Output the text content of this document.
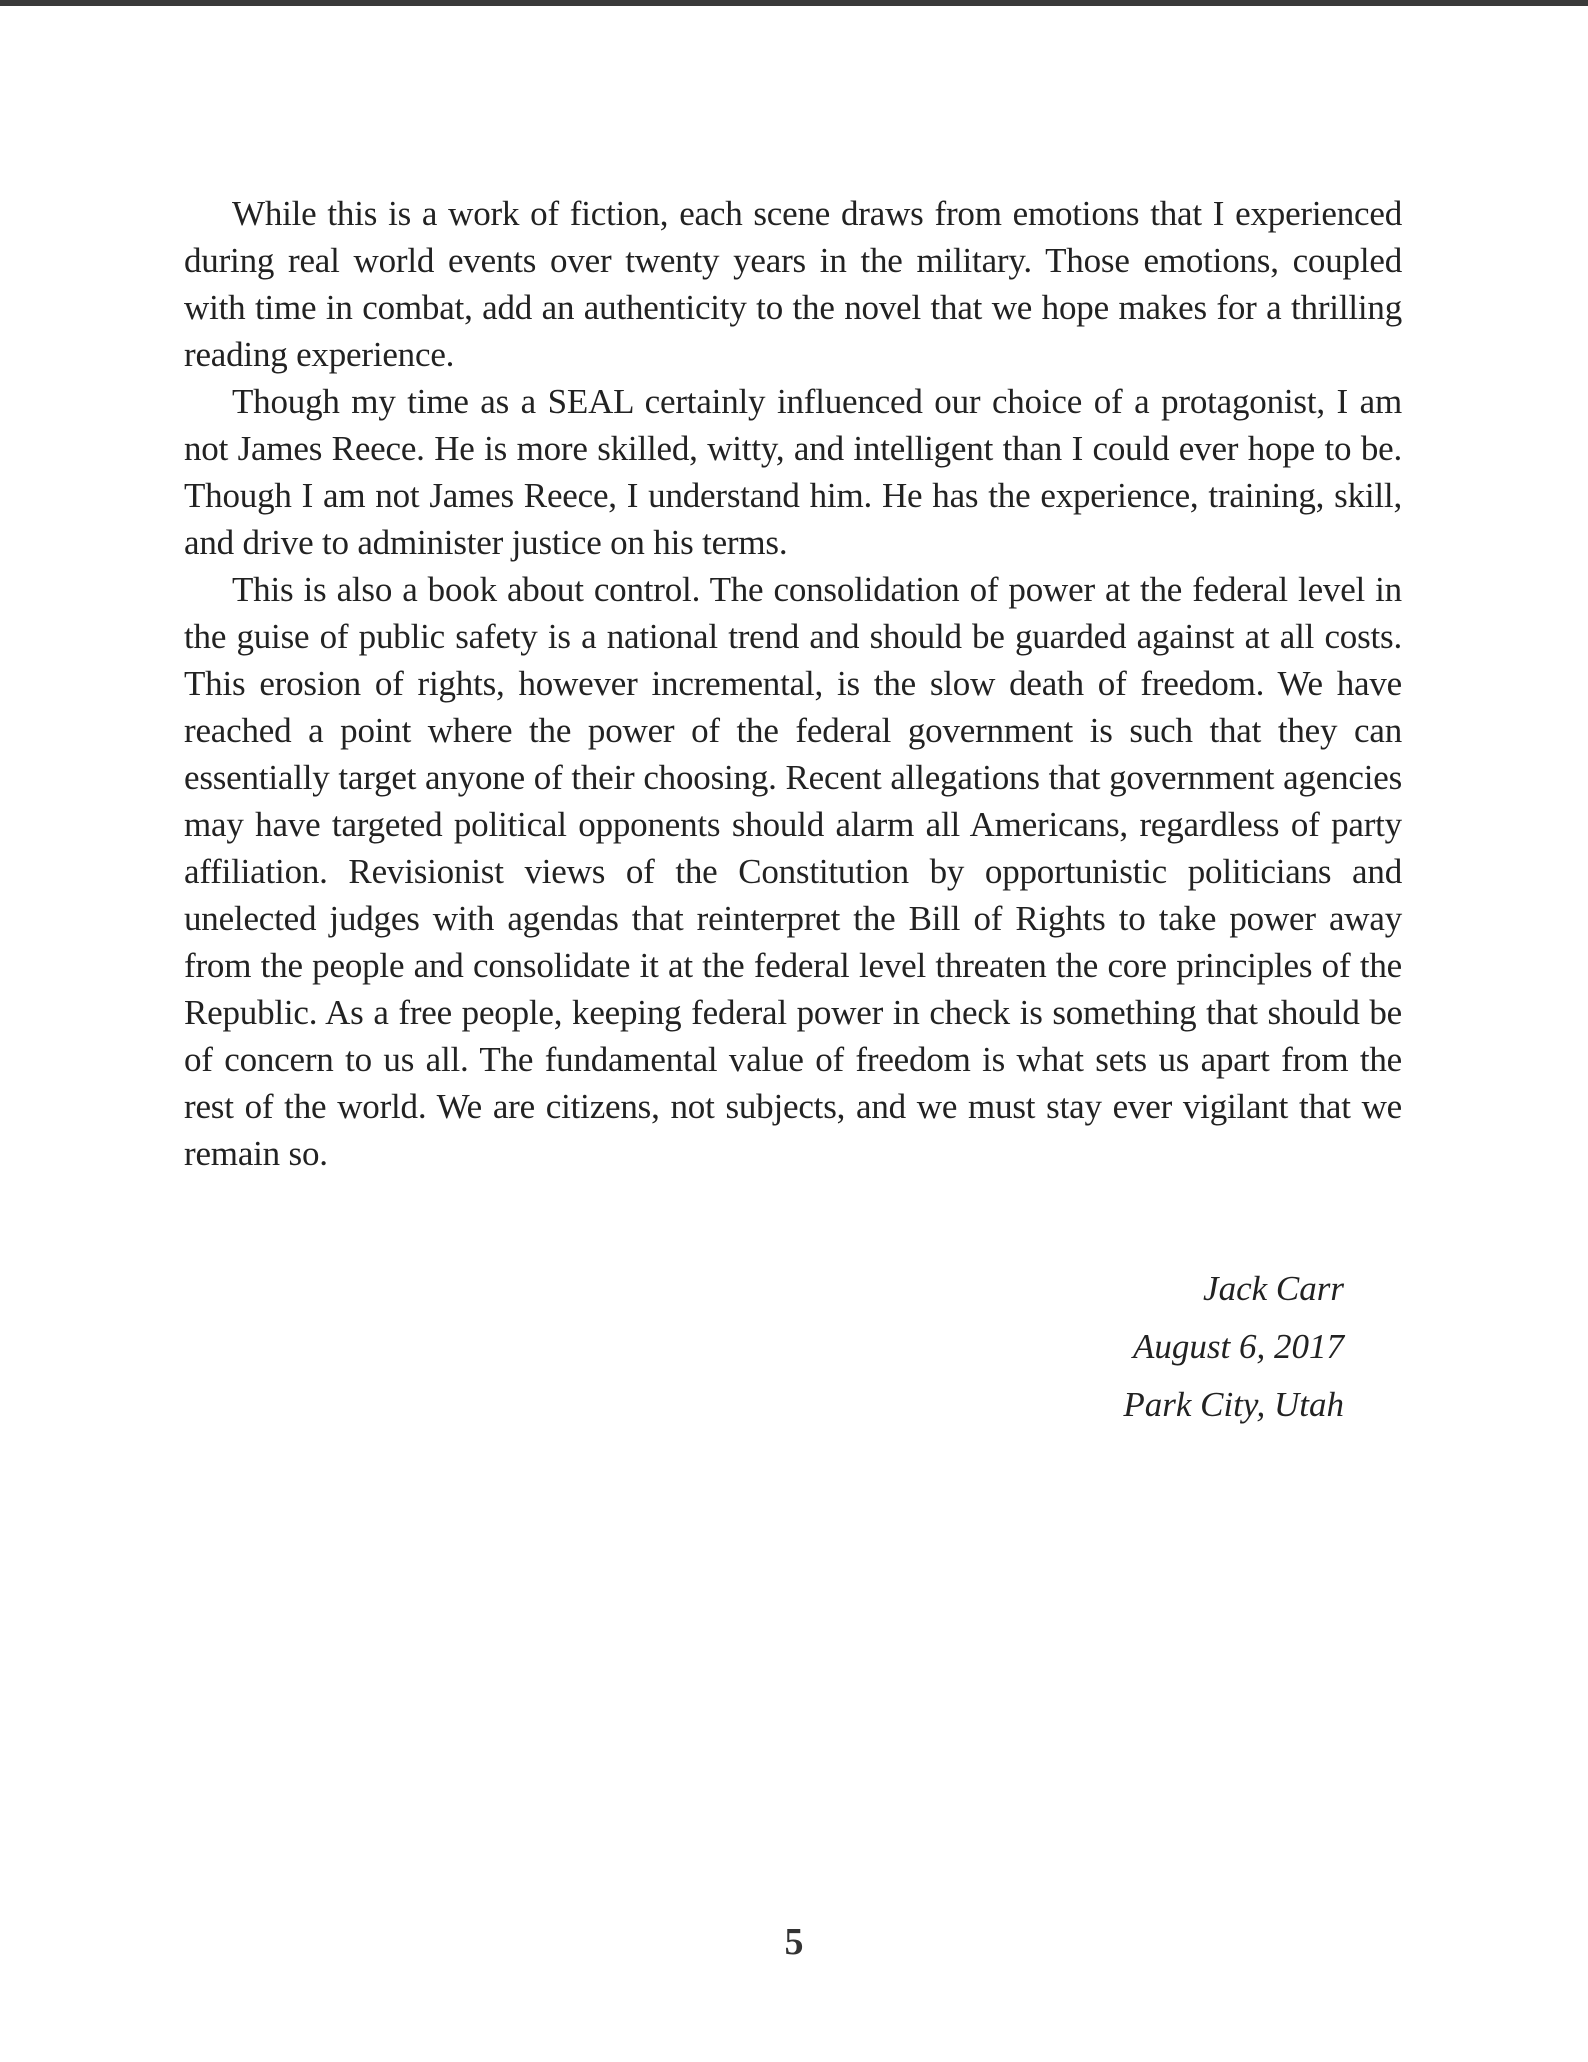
While this is a work of fiction, each scene draws from emotions that I experienced during real world events over twenty years in the military. Those emotions, coupled with time in combat, add an authenticity to the novel that we hope makes for a thrilling reading experience.

Though my time as a SEAL certainly influenced our choice of a protagonist, I am not James Reece. He is more skilled, witty, and intelligent than I could ever hope to be. Though I am not James Reece, I understand him. He has the experience, training, skill, and drive to administer justice on his terms.

This is also a book about control. The consolidation of power at the federal level in the guise of public safety is a national trend and should be guarded against at all costs. This erosion of rights, however incremental, is the slow death of freedom. We have reached a point where the power of the federal government is such that they can essentially target anyone of their choosing. Recent allegations that government agencies may have targeted political opponents should alarm all Americans, regardless of party affiliation. Revisionist views of the Constitution by opportunistic politicians and unelected judges with agendas that reinterpret the Bill of Rights to take power away from the people and consolidate it at the federal level threaten the core principles of the Republic. As a free people, keeping federal power in check is something that should be of concern to us all. The fundamental value of freedom is what sets us apart from the rest of the world. We are citizens, not subjects, and we must stay ever vigilant that we remain so.

Jack Carr
August 6, 2017
Park City, Utah
5
